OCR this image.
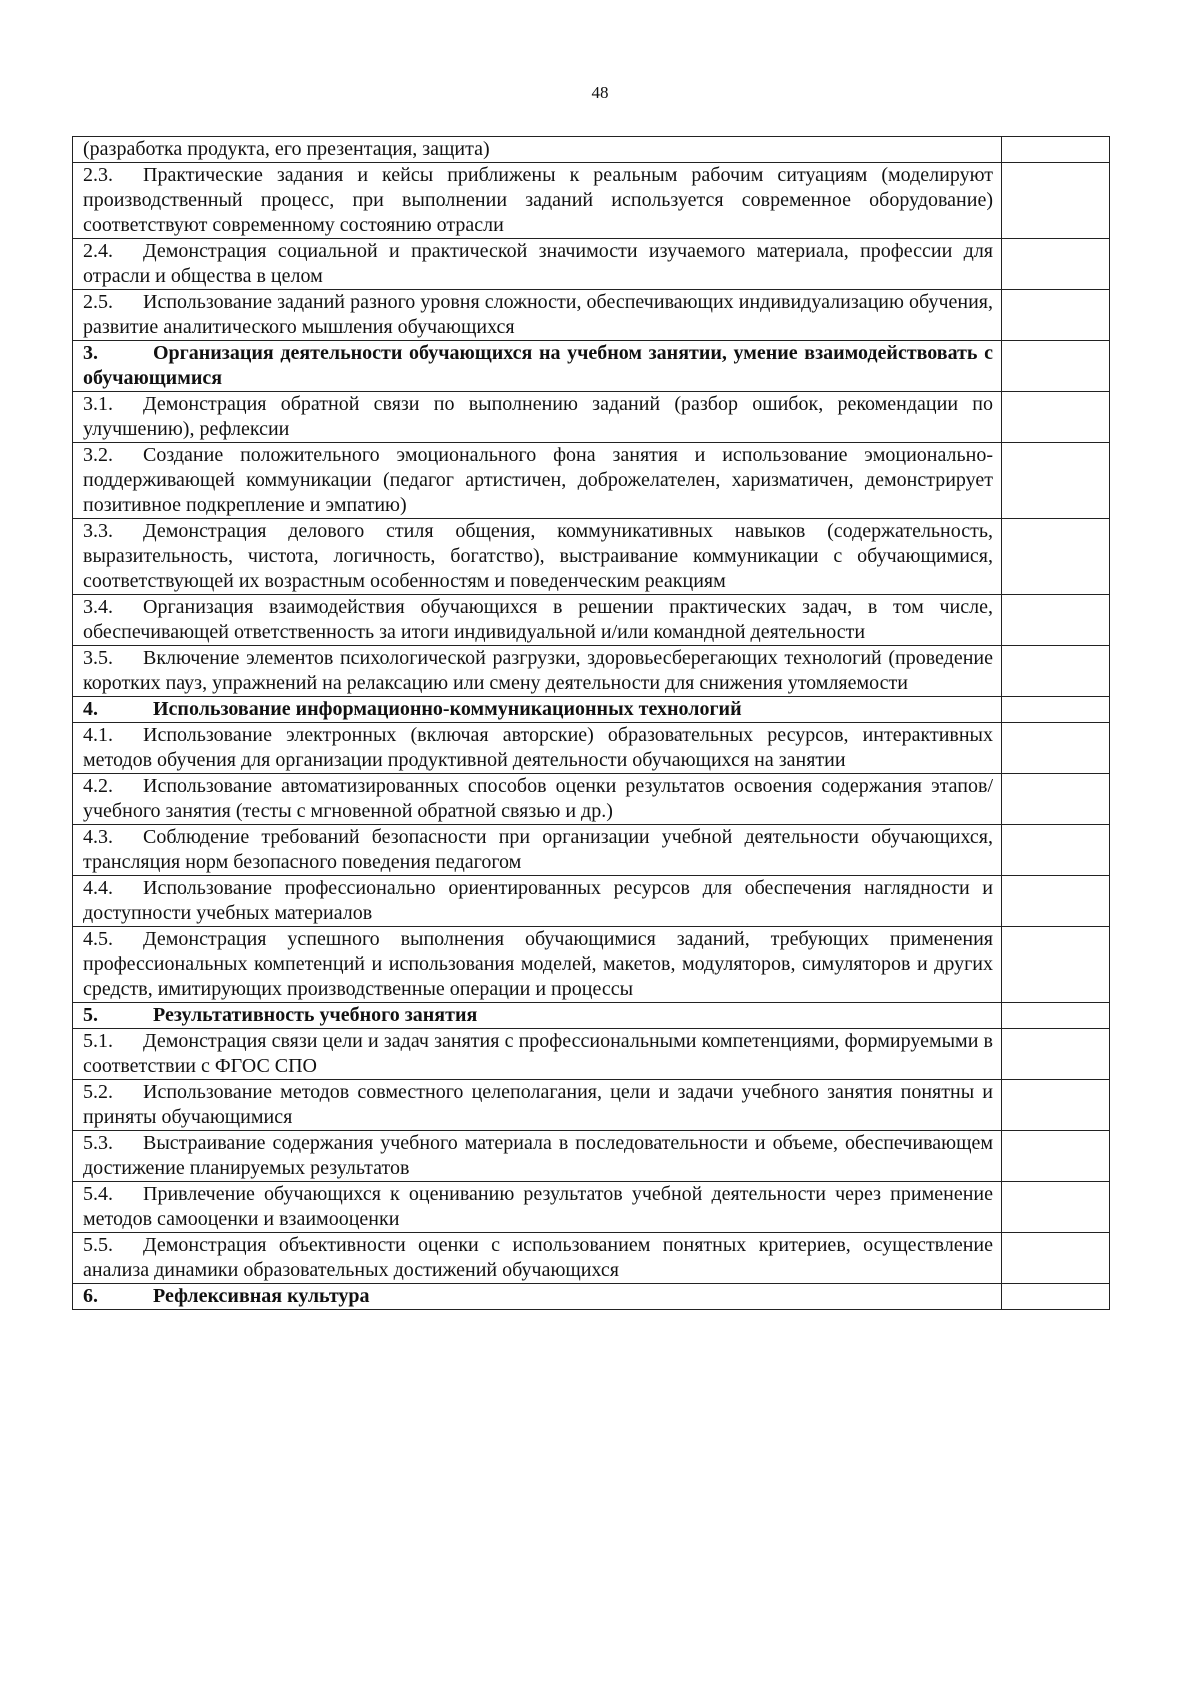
48
(разработка продукта, его презентация, защита)	
2.3. Практические задания и кейсы приближены к реальным рабочим ситуациям (моделируют производственный процесс, при выполнении заданий используется современное оборудование) соответствуют современному состоянию отрасли	
2.4. Демонстрация социальной и практической значимости изучаемого материала, профессии для отрасли и общества в целом	
2.5. Использование заданий разного уровня сложности, обеспечивающих индивидуализацию обучения, развитие аналитического мышления обучающихся	
3. Организация деятельности обучающихся на учебном занятии, умение взаимодействовать с обучающимися	
3.1. Демонстрация обратной связи по выполнению заданий (разбор ошибок, рекомендации по улучшению), рефлексии	
3.2. Создание положительного эмоционального фона занятия и использование эмоционально-поддерживающей коммуникации (педагог артистичен, доброжелателен, харизматичен, демонстрирует позитивное подкрепление и эмпатию)	
3.3. Демонстрация делового стиля общения, коммуникативных навыков (содержательность, выразительность, чистота, логичность, богатство), выстраивание коммуникации с обучающимися, соответствующей их возрастным особенностям и поведенческим реакциям	
3.4. Организация взаимодействия обучающихся в решении практических задач, в том числе, обеспечивающей ответственность за итоги индивидуальной и/или командной деятельности	
3.5. Включение элементов психологической разгрузки, здоровьесберегающих технологий (проведение коротких пауз, упражнений на релаксацию или смену деятельности для снижения утомляемости	
4. Использование информационно-коммуникационных технологий	
4.1. Использование электронных (включая авторские) образовательных ресурсов, интерактивных методов обучения для организации продуктивной деятельности обучающихся на занятии	
4.2. Использование автоматизированных способов оценки результатов освоения содержания этапов/учебного занятия (тесты с мгновенной обратной связью и др.)	
4.3. Соблюдение требований безопасности при организации учебной деятельности обучающихся, трансляция норм безопасного поведения педагогом	
4.4. Использование профессионально ориентированных ресурсов для обеспечения наглядности и доступности учебных материалов	
4.5. Демонстрация успешного выполнения обучающимися заданий, требующих применения профессиональных компетенций и использования моделей, макетов, модуляторов, симуляторов и других средств, имитирующих производственные операции и процессы	
5. Результативность учебного занятия	
5.1. Демонстрация связи цели и задач занятия с профессиональными компетенциями, формируемыми в соответствии с ФГОС СПО	
5.2. Использование методов совместного целеполагания, цели и задачи учебного занятия понятны и приняты обучающимися	
5.3. Выстраивание содержания учебного материала в последовательности и объеме, обеспечивающем достижение планируемых результатов	
5.4. Привлечение обучающихся к оцениванию результатов учебной деятельности через применение методов самооценки и взаимооценки	
5.5. Демонстрация объективности оценки с использованием понятных критериев, осуществление анализа динамики образовательных достижений обучающихся	
6. Рефлексивная культура	
